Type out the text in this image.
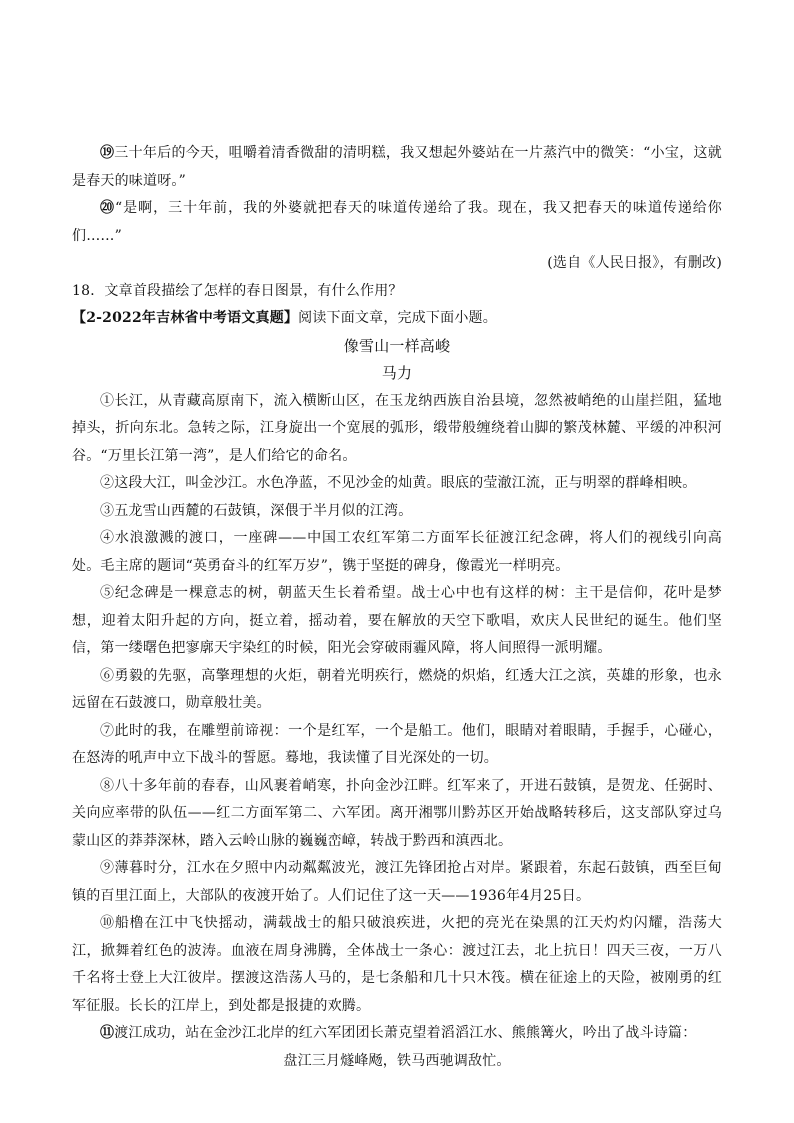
⑲三十年后的今天，咀嚼着清香微甜的清明糕，我又想起外婆站在一片蒸汽中的微笑：“小宝，这就是春天的味道呀。”

⑳“是啊，三十年前，我的外婆就把春天的味道传递给了我。现在，我又把春天的味道传递给你们……”

(选自《人民日报》，有删改)

18．文章首段描绘了怎样的春日图景，有什么作用？

【2-2022年吉林省中考语文真题】阅读下面文章，完成下面小题。

像雪山一样高峻

马力

①长江，从青藏高原南下，流入横断山区，在玉龙纳西族自治县境，忽然被峭绝的山崖拦阻，猛地掉头，折向东北。急转之际，江身旋出一个宽展的弧形，缎带般缠绕着山脚的繁茂林麓、平缓的冲积河谷。“万里长江第一湾”，是人们给它的命名。

②这段大江，叫金沙江。水色净蓝，不见沙金的灿黄。眼底的莹澈江流，正与明翠的群峰相映。

③五龙雪山西麓的石鼓镇，深偎于半月似的江湾。

④水浪激溅的渡口，一座碑——中国工农红军第二方面军长征渡江纪念碑，将人们的视线引向高处。毛主席的题词“英勇奋斗的红军万岁”，镌于坚挺的碑身，像霞光一样明亮。

⑤纪念碑是一棵意志的树，朝蓝天生长着希望。战士心中也有这样的树：主干是信仰，花叶是梦想，迎着太阳升起的方向，挺立着，摇动着，要在解放的天空下歌唱，欢庆人民世纪的诞生。他们坚信，第一缕曙色把寥廓天宇染红的时候，阳光会穿破雨霾风障，将人间照得一派明耀。

⑥勇毅的先驱，高擎理想的火炬，朝着光明疾行，燃烧的炽焰，红透大江之滨，英雄的形象，也永远留在石鼓渡口，勋章般壮美。

⑦此时的我，在雕塑前谛视：一个是红军，一个是船工。他们，眼睛对着眼睛，手握手，心碰心，在怒涛的吼声中立下战斗的誓愿。蓦地，我读懂了目光深处的一切。

⑧八十多年前的春春，山风裹着峭寒，扑向金沙江畔。红军来了，开进石鼓镇，是贺龙、任弼时、关向应率带的队伍——红二方面军第二、六军团。离开湘鄂川黔苏区开始战略转移后，这支部队穿过乌蒙山区的莽莽深林，踏入云岭山脉的巍巍峦嶂，转战于黔西和滇西北。

⑨薄暮时分，江水在夕照中内动粼粼波光，渡江先锋团抢占对岸。紧跟着，东起石鼓镇，西至巨甸镇的百里江面上，大部队的夜渡开始了。人们记住了这一天——1936年4月25日。

⑩船橹在江中飞快摇动，满载战士的船只破浪疾进，火把的亮光在染黑的江天灼灼闪耀，浩荡大江，掀舞着红色的波涛。血液在周身沸腾，全体战士一条心：渡过江去，北上抗日！四天三夜，一万八千名将士登上大江彼岸。摆渡这浩荡人马的，是七条船和几十只木筏。横在征途上的天险，被刚勇的红军征服。长长的江岸上，到处都是报捷的欢腾。

⑪渡江成功，站在金沙江北岸的红六军团团长萧克望着滔滔江水、熊熊篝火，吟出了战斗诗篇：

盘江三月燧峰飏，铁马西驰调敌忙。
